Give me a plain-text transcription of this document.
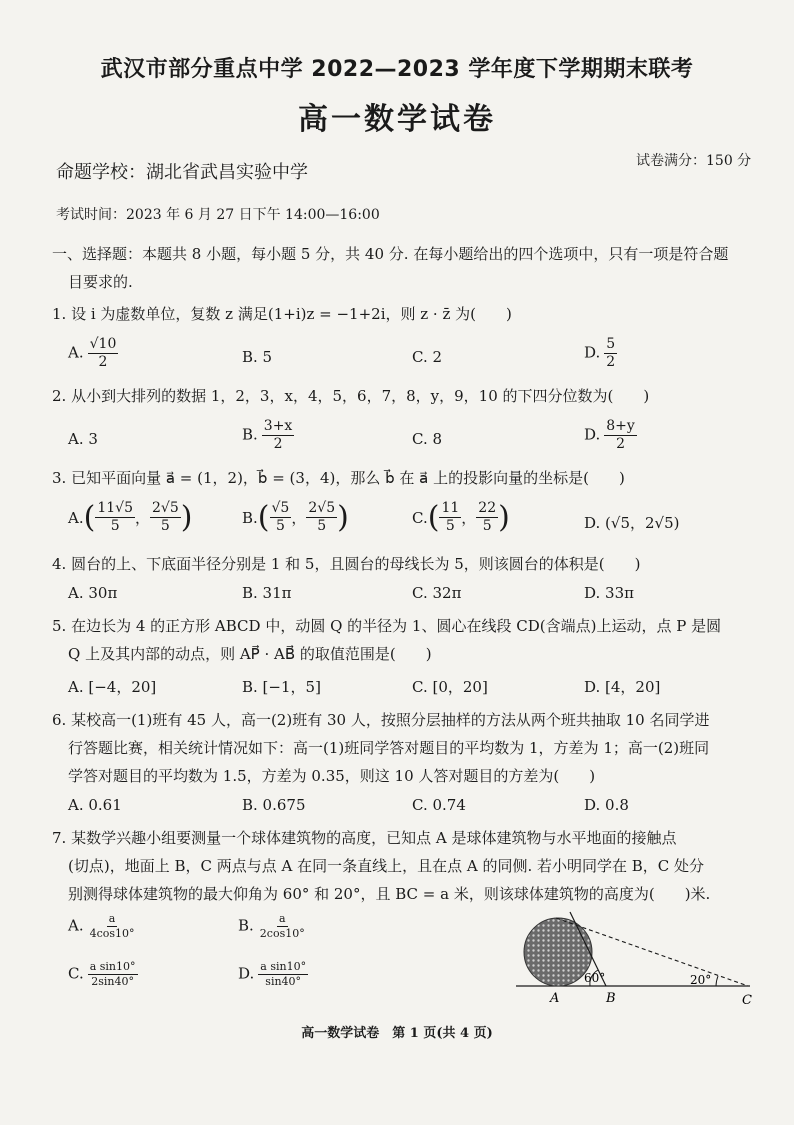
武汉市部分重点中学 2022—2023 学年度下学期期末联考
高一数学试卷
命题学校：湖北省武昌实验中学
试卷满分：150 分
考试时间：2023 年 6 月 27 日下午 14:00—16:00
一、选择题：本题共 8 小题，每小题 5 分，共 40 分. 在每小题给出的四个选项中，只有一项是符合题
目要求的.
1. 设 i 为虚数单位，复数 z 满足(1+i)z = −1+2i，则 z · z̄ 为(　　)
A. $\frac{√10}{2}$	B. 5	C. 2	D. $\frac{5}{2}$
2. 从小到大排列的数据 1，2，3，x，4，5，6，7，8，y，9，10 的下四分位数为(　　)
A. 3	B. $\frac{3+x}{2}$	C. 8	D. $\frac{8+y}{2}$
3. 已知平面向量 a⃗ = (1，2)，b⃗ = (3，4)，那么 b⃗ 在 a⃗ 上的投影向量的坐标是(　　)
A. ( $\frac{11√5}{5}$ ， $\frac{2√5}{5}$ )	B. ( $\frac{√5}{5}$ ， $\frac{2√5}{5}$ )	C. ( $\frac{11}{5}$ ， $\frac{22}{5}$ )	D. (√5，2√5)
4. 圆台的上、下底面半径分别是 1 和 5，且圆台的母线长为 5，则该圆台的体积是(　　)
A. 30π	B. 31π	C. 32π	D. 33π
5. 在边长为 4 的正方形 ABCD 中，动圆 Q 的半径为 1、圆心在线段 CD(含端点)上运动，点 P 是圆
Q 上及其内部的动点，则 AP⃗ · AB⃗ 的取值范围是(　　)
A. [−4，20]	B. [−1，5]	C. [0，20]	D. [4，20]
6. 某校高一(1)班有 45 人，高一(2)班有 30 人，按照分层抽样的方法从两个班共抽取 10 名同学进
行答题比赛，相关统计情况如下：高一(1)班同学答对题目的平均数为 1，方差为 1；高一(2)班同
学答对题目的平均数为 1.5，方差为 0.35，则这 10 人答对题目的方差为(　　)
A. 0.61	B. 0.675	C. 0.74	D. 0.8
7. 某数学兴趣小组要测量一个球体建筑物的高度，已知点 A 是球体建筑物与水平地面的接触点
(切点)，地面上 B，C 两点与点 A 在同一条直线上，且在点 A 的同侧. 若小明同学在 B，C 处分
别测得球体建筑物的最大仰角为 60° 和 20°，且 BC = a 米，则该球体建筑物的高度为(　　)米.
A. $\frac{a}{4\cos 10^\circ}$	B. $\frac{a}{2\cos 10^\circ}$
C. $\frac{\text{a sin10°}}{2\sin 40^\circ}$	D. $\frac{\text{a sin10°}}{\sin 40^\circ}$	60°	20°
A	B	C
高一数学试卷　第 1 页(共 4 页)
